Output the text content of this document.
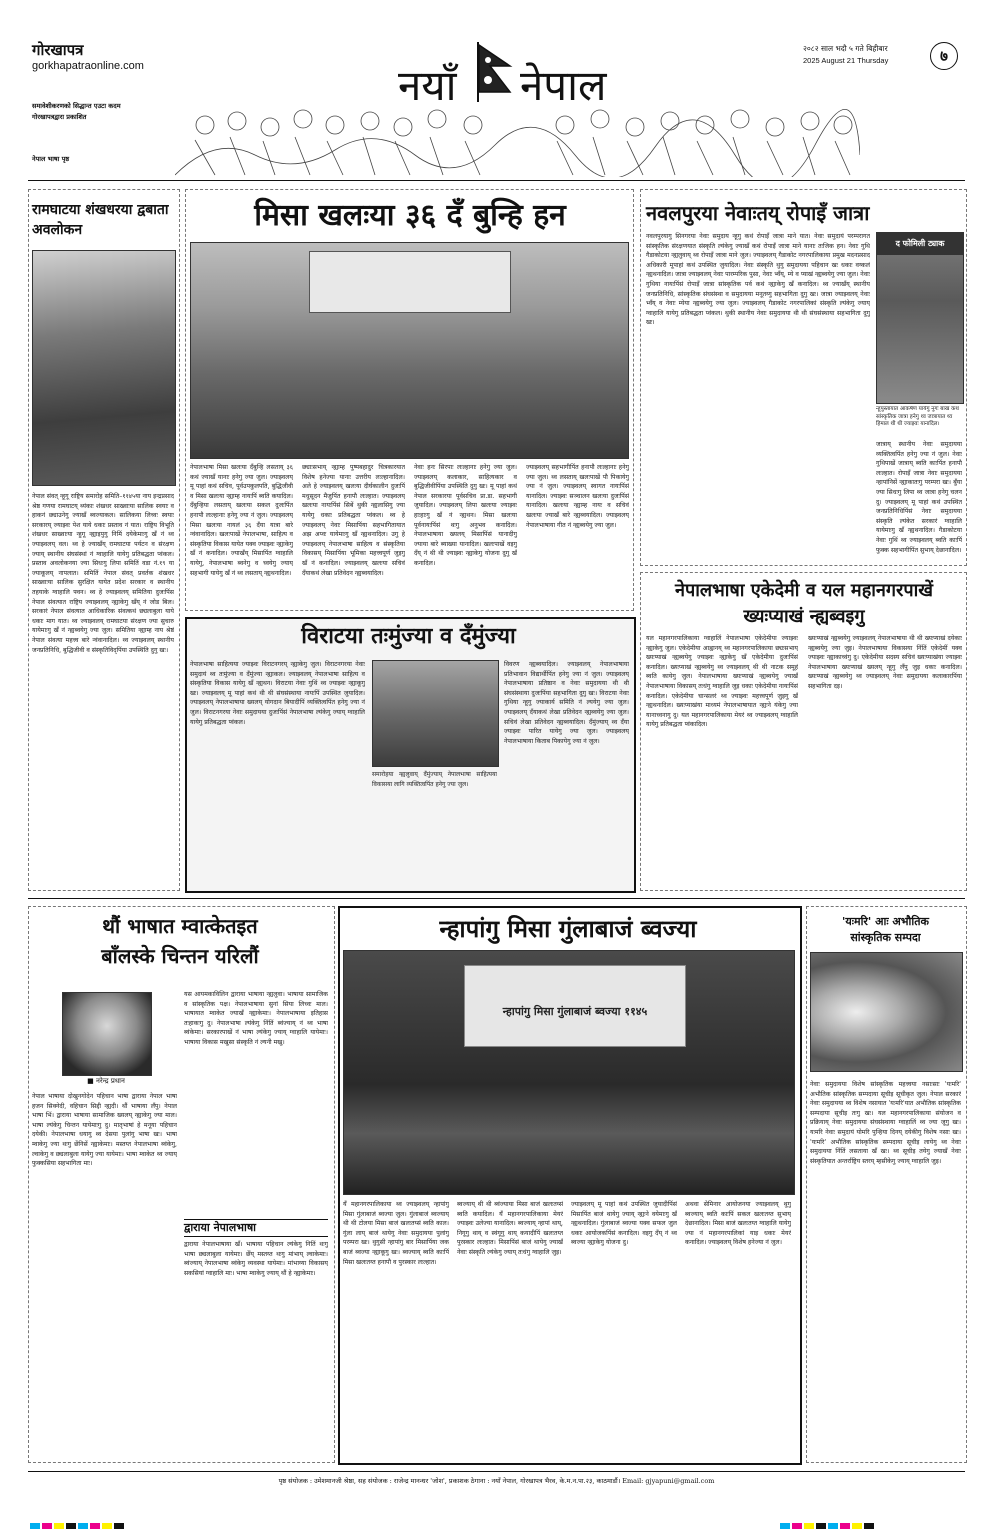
गोरखापत्र
gorkhapatraonline.com
समावेशीकरणको सिद्धान्त एउटा कदम
गोरखापत्रद्वारा प्रकाशित
नेपाल भाषा पृष्ठ
नयाँ नेपाल
२०८२ साल भदौ ५ गते बिहीबार
2025 August 21 Thursday	७
रामघाटया शंखधरया द्वबाता अवलोकन
नेपाल संवत् न्हूगू राष्ट्रिय समारोह समिति–११४५या नाय इन्द्रप्रसाद श्रेष्ठ गणया रामघाटय् थ्यंकाः शंखधर साख्वाःया सालिक स्वयाः व हाकनं छ्याउनेगु ज्याखँ ब्वज्याकल। सालिकया लिच्वः स्वयाः सरकारय् ज्याझ्वः पेश याये धकाः प्रस्ताव नं यात। राष्ट्रिय विभूति शंखधर साख्वाःया न्हुगू न्ह्याइपुगु निमिं दयेकेमाःगु खँ नं थ्व ज्याझ्वलय् वल। थ्व हे ज्याखँय् रामघाटया पर्यटन व संरक्षण ज्याय् स्थानीय संघसंस्थां नं ग्वाहालि यायेगु प्रतिबद्धता प्वंकल। प्रस्ताव अवलोकनया ज्या सिधःगु लिपा समितिं वडा नं.१९ या ज्याकूलय् नापलात। समितिं नेपाल संवत् प्रवर्तक शंखधर साख्वाःया सालिक सुरक्षित यायेत प्रदेश सरकार व स्थानीय तहयाके ग्वाहालि फ्वन। थ्व हे ज्याझ्वलय् समितिया दुजःपिंस नेपाल संवत्यात राष्ट्रिय ज्याझ्वलय् न्ह्याकेगु खँय् नं जोड बिल। सरकारं नेपाल संवत्यात आधिकारिक संवत्कथं छ्यलाबुला याये धकाः माग यात। थ्व ज्याझ्वलय् रामघाटया संरक्षण ज्या सुचारु यायेमाःगु खँ नं न्ह्यब्वयेगु ज्या जुल। समितिया न्ह्याम्ह नाय श्रेष्ठं नेपाल संवत्या महत्त्व बारे न्वंवानादिल। थ्व ज्याझ्वलय् स्थानीय जनप्रतिनिधि, बुद्धिजीवी व संस्कृतिविद्पिंया उपस्थिति दुगु खः।
मिसा खलःया ३६ दँ बुन्हि हन
नेपालभाषा मिसा खलःया दँबुन्हि लसताय् ३६ कथं ज्याखँ यानाः हनेगु ज्या जुल। ज्याझ्वलय् मू पाहां कथं सचिव, पूर्वउपकुलपति, बुद्धिजीवी व मिसा खलःया न्ह्याम्ह नायःपिं ब्वति कयादिल। दँबुन्हिया लसताय् खलःया सकल दुजःपिंत हनापौ लःल्हानाः हनेगु ज्या नं जुल। ज्याझ्वलय् मिसा खलःया नायलं ३६ दँया यात्रा बारे न्वंवानादिल। खलःपाखें नेपालभाषा, साहित्य व संस्कृतिया विकास यायेत यक्व ज्याझ्वः न्ह्याकेगु खँ नं कनादिल। ज्याखँय् मिसापिंत ग्वाहालि यायेगु, नेपालभाषा ब्वनेगु व च्वयेगु ज्याय् सहभागी यायेगु खँ नं थ्व लसताय् न्ह्यथनादिल।
छ्याःसभाय् न्ह्याम्ह पुष्पबहादुर चित्रकारयात विशेष हनेज्या यानाः उत्तरीय लःल्हानादिल। अले हे ज्याझ्वलय् खलःया दीर्घकालीन दुजःपिं मधुसूदन मैजुपिंत हनापौ लःल्हात। ज्याझ्वलय् खलःया नायःपिंसं सिबें थुकी न्ह्यलासिगु ज्या यायेगु धकाः प्रतिबद्धता प्वंकल। थ्व हे ज्याझ्वलय् नेवाः मिसापिंया सहभागितायात अझ अप्वः यायेमाःगु खँ न्ह्यथनादिल। उगु हे ज्याझ्वलय् नेपालभाषा साहित्य व संस्कृतिया विकासय् मिसापिंया भूमिका महत्त्वपूर्ण जुइगु खँ नं कनादिल। ज्याझ्वलय् खलःया सचिवं दँयाकथं लेखा प्रतिवेदन न्ह्यब्वयादिल।
नेवाः हनः सिरपाः लःल्हानाः हनेगु ज्या जुल। ज्याझ्वलय् कलाकार, साहित्यकार व बुद्धिजीवीपिंया उपस्थिति दुगु खः। मू पाहां कथं नेपाल सरकारया पूर्वसचिव प्रा.डा. सहभागी जुयादिल। ज्याझ्वलय् लिपा खलःया ज्याझ्वः हाःहाःगु खँ नं न्ह्यथन। मिसा खलःया पूर्वनायःपिंसं थःगु अनुभव कनादिल। नेपालभाषाया ख्यलय् मिसापिंसं यानादीगु ज्याया बारे ब्याख्या यानादिल। खलःपाखें वइगु दँय् नं थी थी ज्याझ्वः न्ह्याकेगु योजना दुगु खँ कनादिल।
ज्याझ्वलय् सहभागीपिंत हनापौ लःल्हानाः हनेगु ज्या जुल। थ्व लसताय् खलःपाखें पौ पिकायेगु ज्या नं जुल। ज्याझ्वलय् स्वागत नायःपिंसं यानादिल। ज्याझ्वः सञ्चालन खलःया दुजःपिंसं यानादिल। खलःया न्ह्याम्ह नायः व सचिवं खलःया ज्याखँ बारे न्ह्यब्वयादिल। ज्याझ्वलय् नेपालभाषाया गीत नं न्ह्यब्वयेगु ज्या जुल।
नवलपुरया नेवाःतय् रोपाइँ जात्रा
नवलपुरयागु सिनगरया नेवाः समुदाय न्हूगु कथं रोपाइँ जात्रा माने यात। नेवाः समुदायं परम्परागत सांस्कृतिक संरक्षणयात संस्कृति ल्यंकेगु ज्याखँ कथं रोपाइँ जात्रा माने यानाः तःजिक हन। नेवाः गुथि गैडाकोटया न्ह्यलुवाय् थ्व रोपाइँ जात्रा माने जुल। ज्याझ्वलय् गैडाकोट नगरपालिकाया प्रमुख मदनप्रसाद अधिकारी मूपाहां कथं उपस्थित जुयादिल। नेवाः संस्कृति थुगु समुदायया पहिचान खः धकाः वय्कलं न्ह्यथनादिल। जात्रा ज्याझ्वलय् नेवाः पारम्परिक पुसा, नेवाः भ्वँय्, म्ये व प्याखं न्ह्यब्वयेगु ज्या जुल। नेवाः गुथिया नायःपिंसं रोपाइँ जात्रा सांस्कृतिक पर्व कथं न्ह्याकेगु खँ कनादिल। थ्व ज्याखँय् स्थानीय जनप्रतिनिधि, सांस्कृतिक संघसंस्था व समुदायया मनूतय्गु सहभागिता दुगु खः। जात्रा ज्याझ्वलय् नेवाः भ्वँय् व नेवाः म्येया न्ह्यब्वयेगु ज्या जुल। ज्याझ्वलय् गैडाकोट नगरपालिकां संस्कृति ल्यंकेगु ज्याय् ग्वाहालि यायेगु प्रतिबद्धता प्वंकल। थुकी स्थानीय नेवाः समुदायया थी थी संघसंस्थाया सहभागिता दुगु खः।
द फोमिली ट्याक
न्हूपुस्तायात आकर्षण यायेगु नुगः बाखं कथं सांस्कृतिक जात्रा हनेगु थ्व जात्रायात थ्व हिमाल थी थी ज्याझ्वः यानादिल।
जात्राय् स्थानीय नेवाः समुदायया व्यक्तित्वपिंत हनेगु ज्या नं जुल। नेवाः गुथिपाखें जात्राय् ब्वति काःपिंत हनापौ लःल्हात। रोपाइँ जात्रा नेवाः समुदायया न्हापांनिसें न्ह्याकातःगु परम्परा खः। बुँया ज्या सिधःगु लिपा थ्व जात्रा हनेगु चलन दु। ज्याझ्वलय् मू पाहां कथं उपस्थित जनप्रतिनिधिपिंसं नेवाः समुदायया संस्कृति ल्यंकेत सरकारं ग्वाहालि यायेमाःगु खँ न्ह्यथनादिल। गैडाकोटया नेवाः गुथिं थ्व ज्याझ्वलय् ब्वति काःपिं फुक्क सहभागीपिंत सुभाय् देछानादिल।
नेपालभाषा एकेदेमी व यल महानगरपाखें ख्यःप्याखं न्ह्यब्वइगु
यल महानगरपालिकाया ग्वाहालिं नेपालभाषा एकेदेमीया ज्याझ्वः न्ह्याकेगु जुल। एकेदेमीया आह्वानय् थ्व महानगरपालिकाया छ्यःसभाय् ख्यःप्याखं न्ह्यब्वयेगु ज्याझ्वः न्ह्याकेगु खँ एकेदेमीया दुजःपिंसं कनादिल। ख्यःप्याखं न्ह्यब्वयेगु थ्व ज्याझ्वलय् थी थी नाटक समूहं ब्वति कायेगु जुल। नेपालभाषाया ख्यःप्याखं न्ह्यब्वयेगु ज्याखँ नेपालभाषाया विकासय् तःधंगु ग्वाहालि जुइ धकाः एकेदेमीया नायःपिंसं कनादिल। एकेदेमीया चान्सलरं थ्व ज्याझ्वः महत्त्वपूर्ण जुइगु खँ न्ह्यथनादिल। ख्यःप्याखंया माध्यमं नेपालभाषायात न्ह्यःने यंकेगु ज्या यानाच्वनागु दु। यल महानगरपालिकाया मेयरं थ्व ज्याझ्वलय् ग्वाहालि यायेगु प्रतिबद्धता प्वंकादिल।
ख्यःप्याखं न्ह्यब्वयेगु ज्याझ्वलय् नेपालभाषाया थी थी ख्यःप्याखं दयेकाः न्ह्यब्वयेगु ज्या जुइ। नेपालभाषाया विकासया निंतिं एकेदेमीं यक्व ज्याझ्वः न्ह्याकाच्वंगु दु। एकेदेमीया सदस्य सचिवं ख्यःप्याखंया ज्याझ्वः नेपालभाषाया ख्यःप्याखं ख्यलय् न्हूगु लँपु जुइ धकाः कनादिल। ख्यःप्याखं न्ह्यब्वयेगु थ्व ज्याझ्वलय् नेवाः समुदायया कलाकारपिंया सहभागिता दइ।
विराटया तःमुंज्या व दँमुंज्या
नेपालभाषा साहित्यया ज्याझ्वः विराटनगरय् न्ह्याकेगु जुल। विराटनगरया नेवाः समुदायं थ्व तःमुंज्या व दँमुंज्या न्ह्याकल। ज्याझ्वलय् नेपालभाषा साहित्य व संस्कृतिया विकास यायेगु खँ न्ह्यथन। विराटया नेवाः गुथिं थ्व ज्याझ्वः न्ह्याकूगु खः। ज्याझ्वलय् मू पाहां कथं थी थी संघसंस्थाया नायःपिं उपस्थित जुयादिल। ज्याझ्वलय् नेपालभाषाया ख्यलय् योगदान बियादीपिं व्यक्तित्वपिंत हनेगु ज्या नं जुल। विराटनगरया नेवाः समुदायया दुजःपिंसं नेपालभाषा ल्यंकेगु ज्याय् ग्वाहालि यायेगु प्रतिबद्धता प्वंकल।
समारोहया न्ह्यलुवाय् दँमुंज्याय् नेपालभाषा साहित्यया विकासया लागि व्यक्तित्वपिंत हनेगु ज्या जुल।
विवरण न्ह्यब्वयादिल। ज्याझ्वलय् नेपालभाषाया प्रतिभावान विद्यार्थीपिंत हनेगु ज्या नं जुल। ज्याझ्वलय् नेपालभाषाया प्रतिष्ठान व नेवाः समुदायया थी थी संघसंस्थाया दुजःपिंया सहभागिता दुगु खः। विराटया नेवाः गुथिया न्हूगु ज्याकार्य समिति नं ल्ययेगु ज्या जुल। ज्याझ्वलय् दँयाकथं लेखा प्रतिवेदन न्ह्यब्वयेगु ज्या जुल। सचिवं लेखा प्रतिवेदन न्ह्यब्वयादिल। दँमुंज्याय् थ्व दँया ज्याझ्वः पारित यायेगु ज्या जुल। ज्याझ्वलय् नेपालभाषाया किताब पिकायेगु ज्या नं जुल।
थौं भाषात म्वात्केतइत
बाँलस्के चिन्तन यरिलौं
■ नरेन्द्र प्रधान
नेपाल भाषाया दोखुनगोदेन पहिचान भाषा द्वाराया नेपाल भाषा हजन सिक्नेदी, वहिचान सिद्दी न्ह्यदी। थौं भाषाया लँपु। नेपाल भाषा भिं। द्वाराया भाषाया सामाजिक ख्यलय् न्ह्याकेगु ज्या माल। भाषा ल्यंकेगु चिन्तन यायेमाःगु दु। मातृभाषां हे मनूया पहिचान दयेकी। नेपालभाषा धयागु थ्व देसया पुलांगु भाषा खः। भाषा म्वाकेगु ज्या थःगु छेंनिसें न्ह्याकेमाः। मस्तय्त नेपालभाषा ब्वंकेगु, ल्वाकेगु व छ्यलाबुला यायेगु ज्या यायेमाः। भाषा म्वाकेत थ्व ज्याय् फुक्कसिया सहभागिता माः।
यस आयमकाविलिन द्वाराया भाषाया न्ह्यलुवा। भाषाया सामाजिक व सांस्कृतिक पक्ष। नेपालभाषाया सुनां सिया लिच्वः माल। भाषायात म्वाकेत ज्याखँ न्ह्याकेमाः। नेपालभाषाया इतिहास तःहाकःगु दु। नेपालभाषा ल्यंकेगु निंतिं ब्वंज्याय् नं थ्व भाषा ब्वंकेमाः। सरकारपाखें नं भाषा ल्यंकेगु ज्याय् ग्वाहालि यायेमाः। भाषाया विकास मखुसा संस्कृति नं ल्यनी मखु।
द्वाराया नेपालभाषा
द्वाराया नेपालभाषाया खँ। भाषाया पहिचान ल्यंकेगु नितिं थःगु भाषा छ्यलाबुला यायेमाः। छेँय् मस्तय्त थःगु मांभाय् ल्वाकेमाः। ब्वंज्याय् नेपालभाषा ब्वंकेगु व्यवस्था यायेमाः। मांभाय्या विकासय् सकसियां ग्वाहालि माः। भाषा म्वाकेगु ज्याय् थौं हे न्ह्याकेमाः।
न्हापांगु मिसा गुंलाबाजं ब्वज्या
न्हापांगु मिसा गुंलाबाजं ब्वज्या ११४५
यँ महानगरपालिकाया थ्व ज्याझ्वलय् न्हापांगु मिसा गुंलाबाजं ब्वज्या जुल। गुंलाबाजं ब्वज्याय् थी थी टोलया मिसा बाजं खलःतय्सं ब्वति काल। गुंला लाय् बाजं थायेगु नेवाः समुदायया पुलांगु परम्परा खः। थुगुसी न्हापांगु बार मिसापिंया जक बाजं ब्वज्या न्ह्याकूगु खः। ब्वज्याय् ब्वति काःपिं मिसा खलःतय्त हनापौ व पुरस्कार लःल्हात।
ब्वज्याय् थी थी ब्वंज्याया मिसा बाजं खलःतय्सं ब्वति कयादिल। यँ महानगरपालिकाया मेयरं ज्याझ्वः उलेज्या यानादिल। ब्वज्याय् न्हापां थाय्, निगूगु थाय् व स्वंगूगु थाय् कयादीपिं खलःतय्त पुरस्कार लःल्हात। मिसापिंसं बाजं थायेगु ज्याखँ नेवाः संस्कृति ल्यंकेगु ज्याय् तःधंगु ग्वाहालि जुइ।
ज्याझ्वलय् मू पाहां कथं उपस्थित जुयादीपिंसं मिसापिंत बाजं थायेगु ज्याय् न्ह्यःने वयेमाःगु खँ न्ह्यथनादिल। गुंलाबाजं ब्वज्या यक्व सफल जुल धकाः आयोजकपिंसं कनादिल। वइगु दँय् नं थ्व ब्वज्या न्ह्याकेगु योजना दु।
अथवा सेमिनार आयोजनया ज्याझ्वलय् थुगु ब्वज्याय् ब्वति काःपिं सकल खलःतय्त सुभाय् देछानादिल। मिसा बाजं खलःतय्त ग्वाहालि यायेगु ज्या नं महानगरपालिकां याइ धकाः मेयरं कनादिल। ज्याझ्वलय् विशेष हनेज्या नं जुल।
'यःमरि' आः अभौतिक
सांस्कृतिक सम्पदा
नेवाः समुदायया विशेष सांस्कृतिक महत्त्वया नसाःसाः 'यःमरि' अभौतिक सांस्कृतिक सम्पदाया सूचीइ सूचीकृत जुल। नेपाल सरकारं नेवाः समुदायया थ्व विशेष नसायात 'यःमरि'यात अभौतिक सांस्कृतिक सम्पदाया सूचीइ तःगु खः। यल महानगरपालिकाया संयोजन व प्रक्रियाय् नेवाः समुदायया संघसंस्थाया ग्वाहालिं थ्व ज्या जूगु खः। यःमरि नेवाः समुदायं योमरि पुन्हिया दिनय् दयेकीगु विशेष नसाः खः। 'यःमरि' अभौतिक सांस्कृतिक सम्पदाया सूचीइ लायेगु थ्व नेवाः समुदायया निंतिं लसताया खँ खः। थ्व सूचीइ तयेगु ज्याखँ नेवाः संस्कृतियात अन्तर्राष्ट्रिय स्तरय् म्हसीकेगु ज्याय् ग्वाहालि जुइ।
पृष्ठ संयोजक : उमेशमानजी श्रेष्ठा, सह संयोजक : राजेन्द्र मानन्धर 'जोश', प्रकाशक ठेगाना : नयाँ नेपाल, गोरखापत्र भैरव, के.म.न.पा.२३, काठमाडौं। Email: gjyapuni@gmail.com
